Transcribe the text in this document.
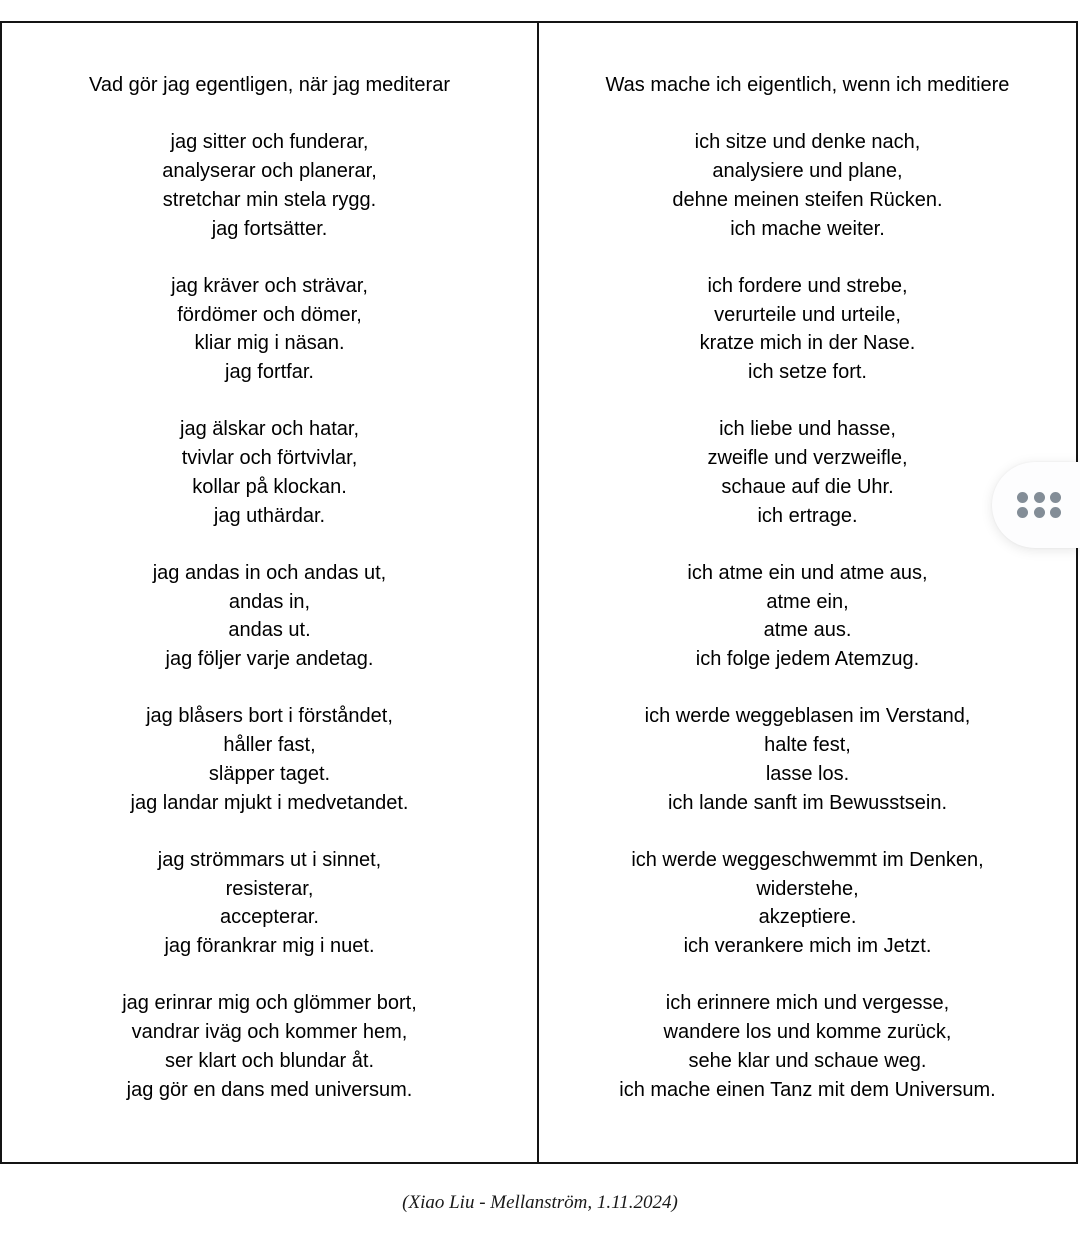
Vad gör jag egentligen, när jag mediterar
jag sitter och funderar,
analyserar och planerar,
stretchar min stela rygg.
jag fortsätter.
jag kräver och strävar,
fördömer och dömer,
kliar mig i näsan.
jag fortfar.
jag älskar och hatar,
tvivlar och förtvivlar,
kollar på klockan.
jag uthärdar.
jag andas in och andas ut,
andas in,
andas ut.
jag följer varje andetag.
jag blåsers bort i förståndet,
håller fast,
släpper taget.
jag landar mjukt i medvetandet.
jag strömmars ut i sinnet,
resisterar,
accepterar.
jag förankrar mig i nuet.
jag erinrar mig och glömmer bort,
vandrar iväg och kommer hem,
ser klart och blundar åt.
jag gör en dans med universum.
Was mache ich eigentlich, wenn ich meditiere
ich sitze und denke nach,
analysiere und plane,
dehne meinen steifen Rücken.
ich mache weiter.
ich fordere und strebe,
verurteile und urteile,
kratze mich in der Nase.
ich setze fort.
ich liebe und hasse,
zweifle und verzweifle,
schaue auf die Uhr.
ich ertrage.
ich atme ein und atme aus,
atme ein,
atme aus.
ich folge jedem Atemzug.
ich werde weggeblasen im Verstand,
halte fest,
lasse los.
ich lande sanft im Bewusstsein.
ich werde weggeschwemmt im Denken,
widerstehe,
akzeptiere.
ich verankere mich im Jetzt.
ich erinnere mich und vergesse,
wandere los und komme zurück,
sehe klar und schaue weg.
ich mache einen Tanz mit dem Universum.
(Xiao Liu - Mellanström, 1.11.2024)
